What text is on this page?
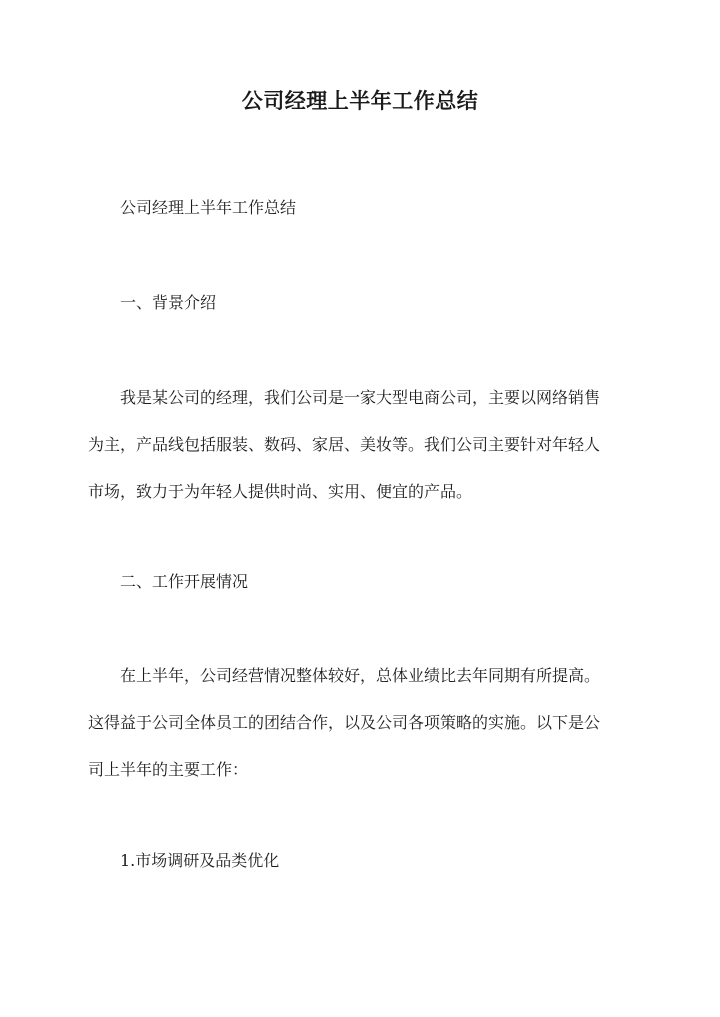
公司经理上半年工作总结
公司经理上半年工作总结
一、背景介绍
我是某公司的经理，我们公司是一家大型电商公司，主要以网络销售
为主，产品线包括服装、数码、家居、美妆等。我们公司主要针对年轻人
市场，致力于为年轻人提供时尚、实用、便宜的产品。
二、工作开展情况
在上半年，公司经营情况整体较好，总体业绩比去年同期有所提高。
这得益于公司全体员工的团结合作，以及公司各项策略的实施。以下是公
司上半年的主要工作：
1.市场调研及品类优化
